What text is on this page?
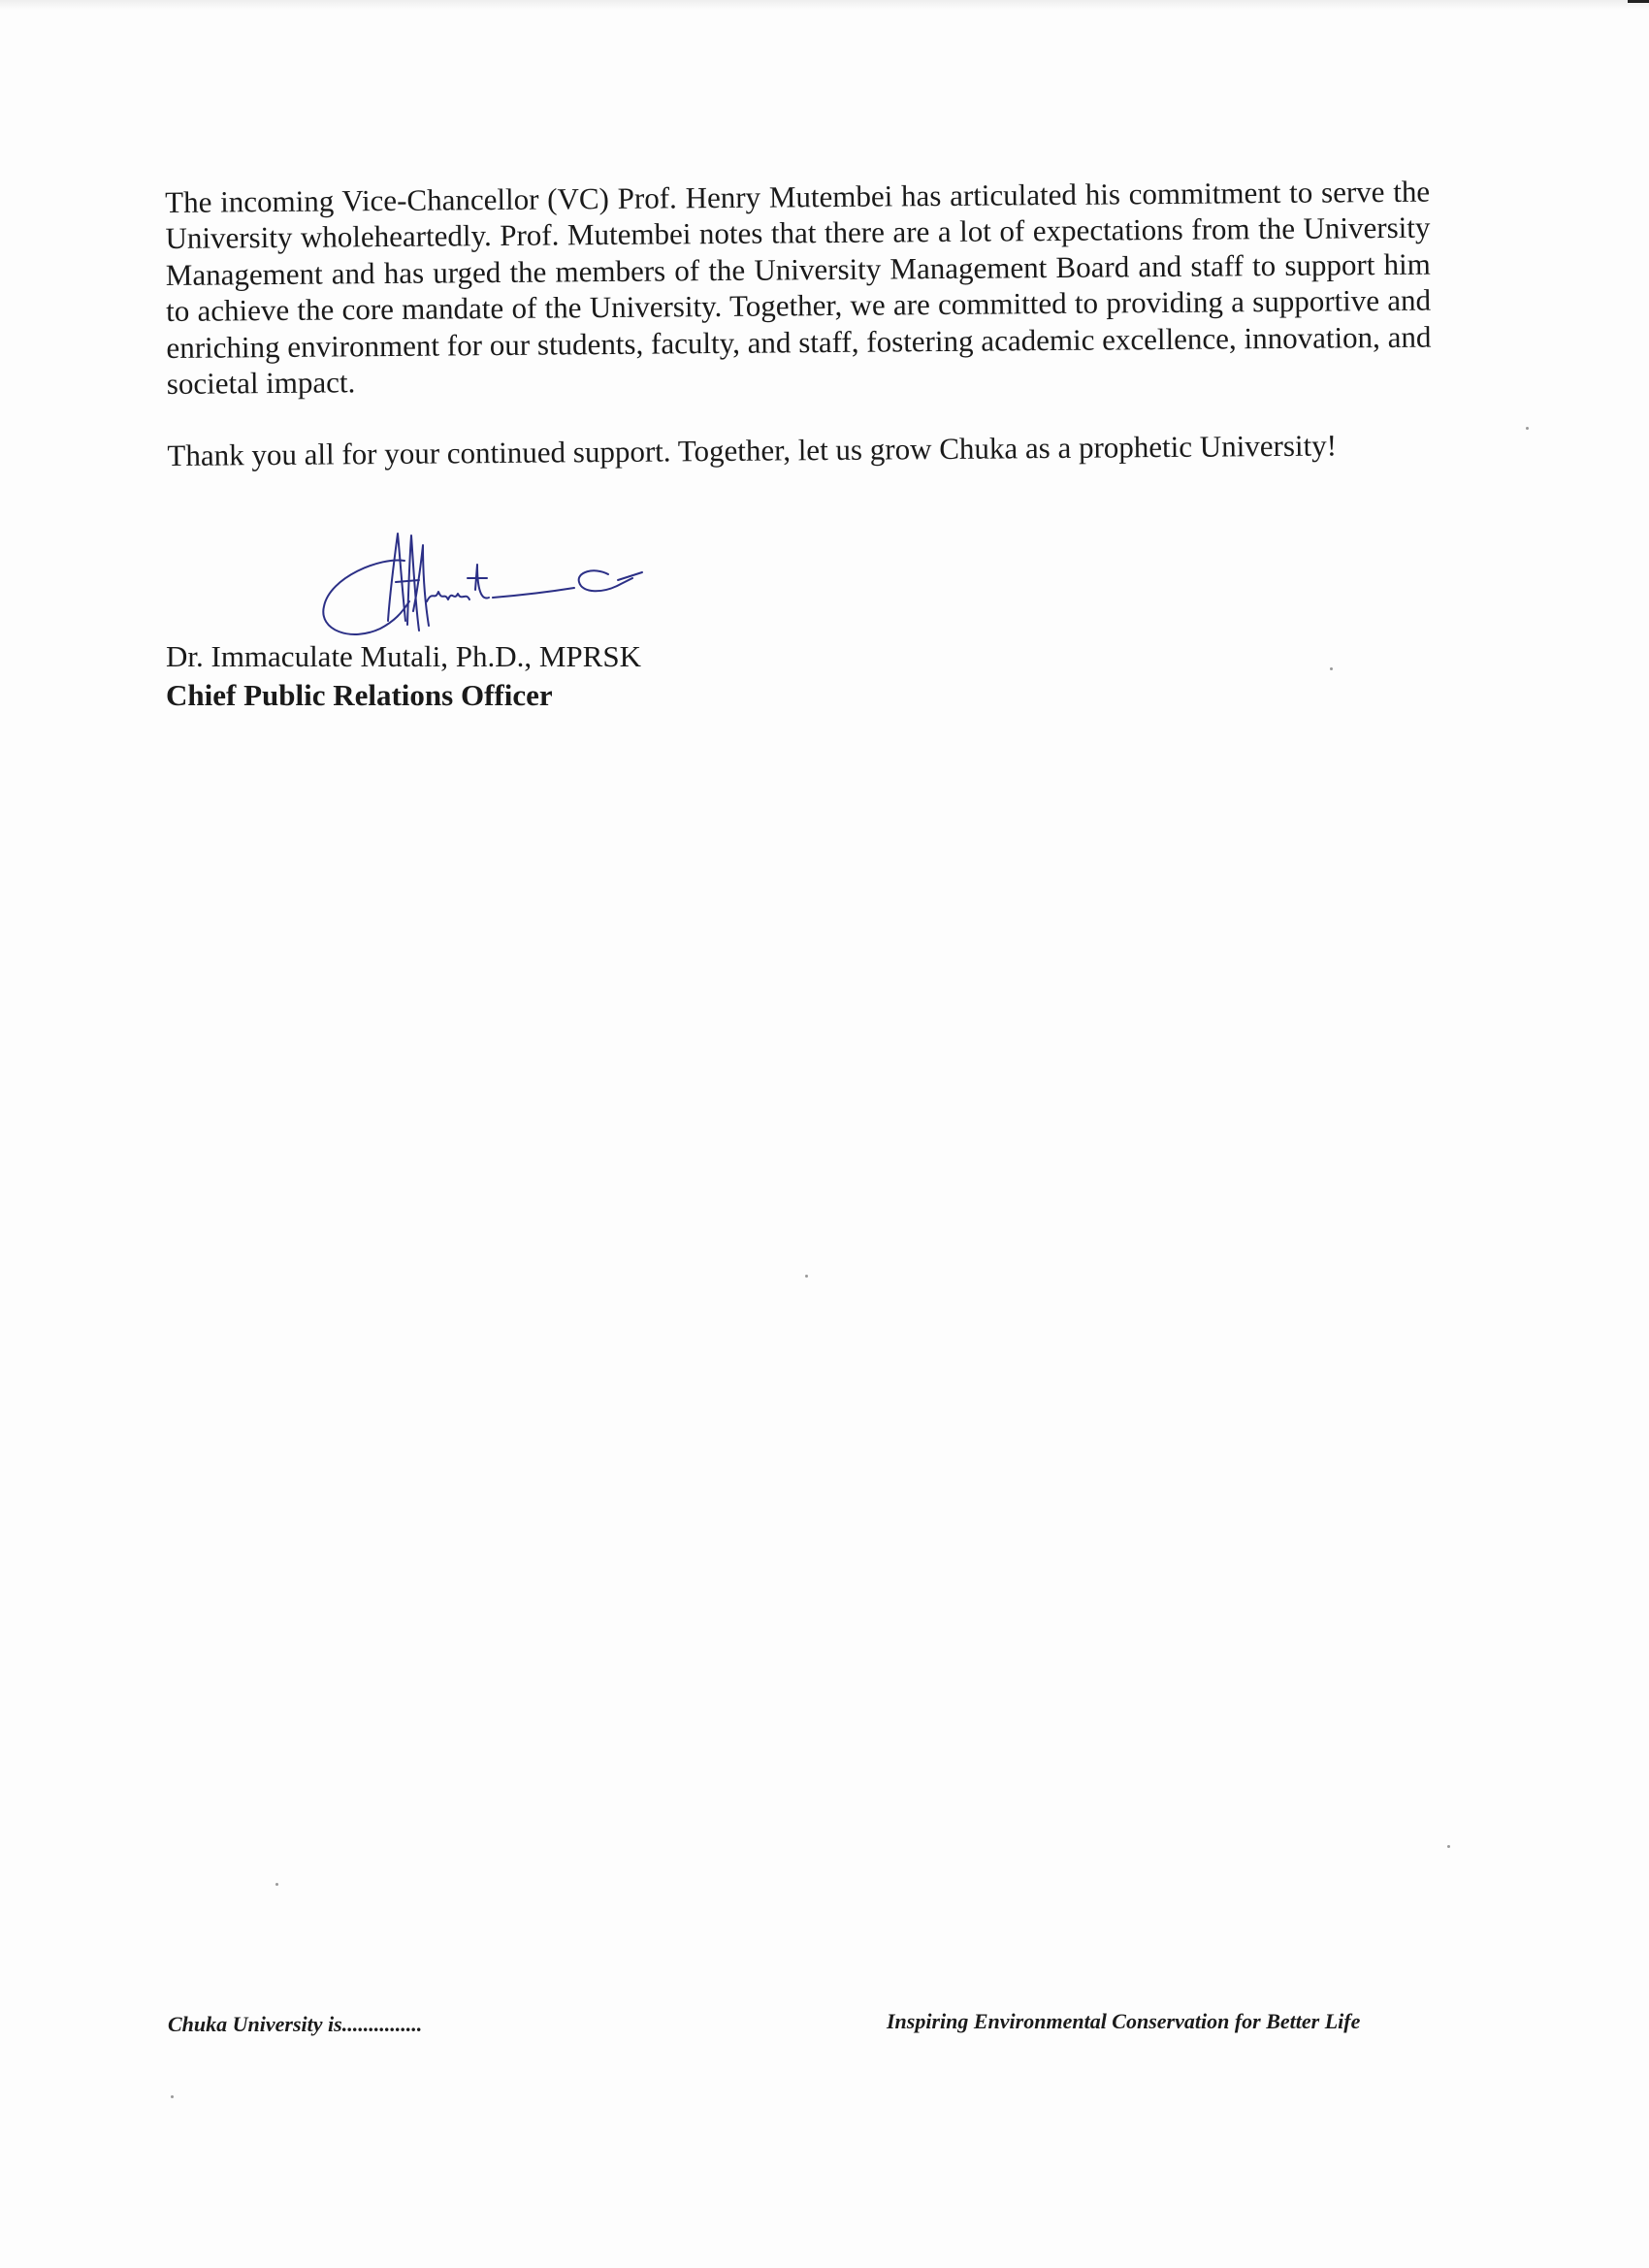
The incoming Vice-Chancellor (VC) Prof. Henry Mutembei has articulated his commitment to serve the University wholeheartedly. Prof. Mutembei notes that there are a lot of expectations from the University Management and has urged the members of the University Management Board and staff to support him to achieve the core mandate of the University. Together, we are committed to providing a supportive and enriching environment for our students, faculty, and staff, fostering academic excellence, innovation, and societal impact.

Thank you all for your continued support. Together, let us grow Chuka as a prophetic University!

Dr. Immaculate Mutali, Ph.D., MPRSK
Chief Public Relations Officer
Chuka University is...............	Inspiring Environmental Conservation for Better Life
